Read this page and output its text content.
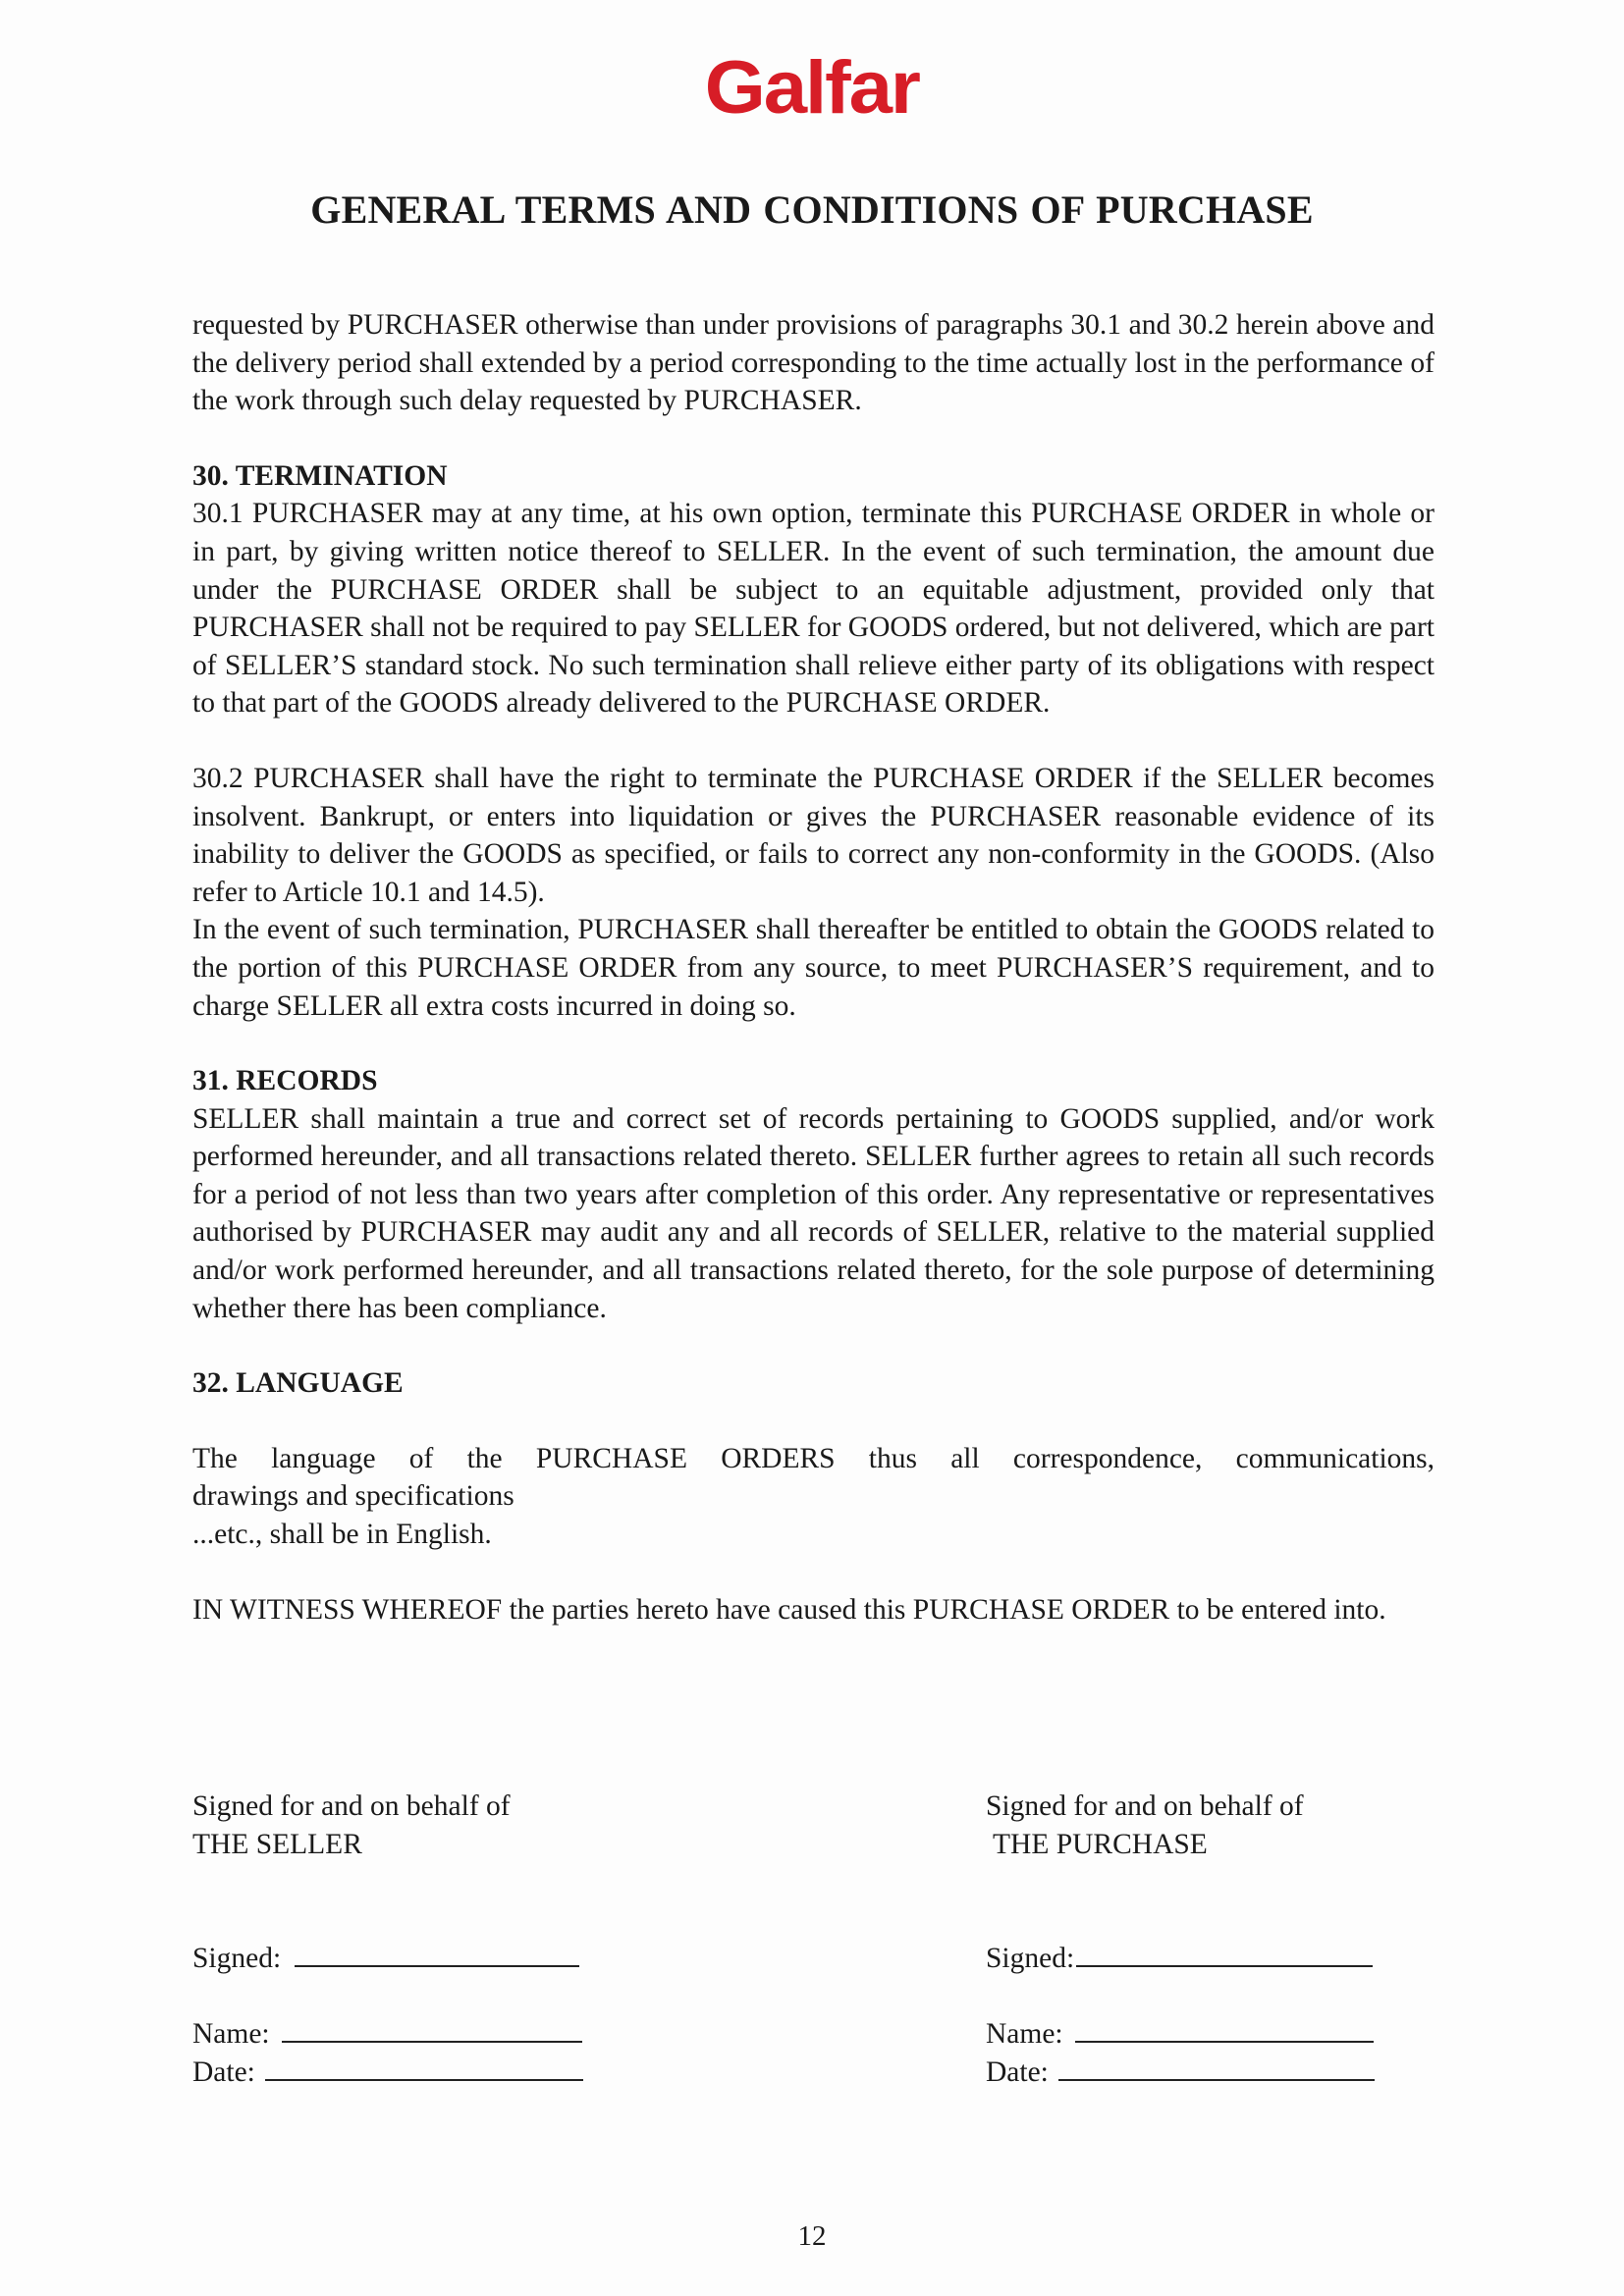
Galfar
GENERAL TERMS AND CONDITIONS OF PURCHASE

requested by PURCHASER otherwise than under provisions of paragraphs 30.1 and 30.2 herein above and the delivery period shall extended by a period corresponding to the time actually lost in the performance of the work through such delay requested by PURCHASER.

30. TERMINATION

30.1 PURCHASER may at any time, at his own option, terminate this PURCHASE ORDER in whole or in part, by giving written notice thereof to SELLER. In the event of such termination, the amount due under the PURCHASE ORDER shall be subject to an equitable adjustment, provided only that PURCHASER shall not be required to pay SELLER for GOODS ordered, but not delivered, which are part of SELLER’S standard stock. No such termination shall relieve either party of its obligations with respect to that part of the GOODS already delivered to the PURCHASE ORDER.

30.2 PURCHASER shall have the right to terminate the PURCHASE ORDER if the SELLER becomes insolvent. Bankrupt, or enters into liquidation or gives the PURCHASER reasonable evidence of its inability to deliver the GOODS as specified, or fails to correct any non-conformity in the GOODS. (Also refer to Article 10.1 and 14.5).

In the event of such termination, PURCHASER shall thereafter be entitled to obtain the GOODS related to the portion of this PURCHASE ORDER from any source, to meet PURCHASER’S requirement, and to charge SELLER all extra costs incurred in doing so.

31. RECORDS

SELLER shall maintain a true and correct set of records pertaining to GOODS supplied, and/or work performed hereunder, and all transactions related thereto. SELLER further agrees to retain all such records for a period of not less than two years after completion of this order. Any representative or representatives authorised by PURCHASER may audit any and all records of SELLER, relative to the material supplied and/or work performed hereunder, and all transactions related thereto, for the sole purpose of determining whether there has been compliance.

32. LANGUAGE

The language of the PURCHASE ORDERS thus all correspondence, communications,

drawings and specifications

...etc., shall be in English.

IN WITNESS WHEREOF the parties hereto have caused this PURCHASE ORDER to be entered into.

Signed for and on behalf of
THE SELLER
Signed:
Name:
Date:
Signed for and on behalf of
THE PURCHASE
Signed:
Name:
Date:
12
